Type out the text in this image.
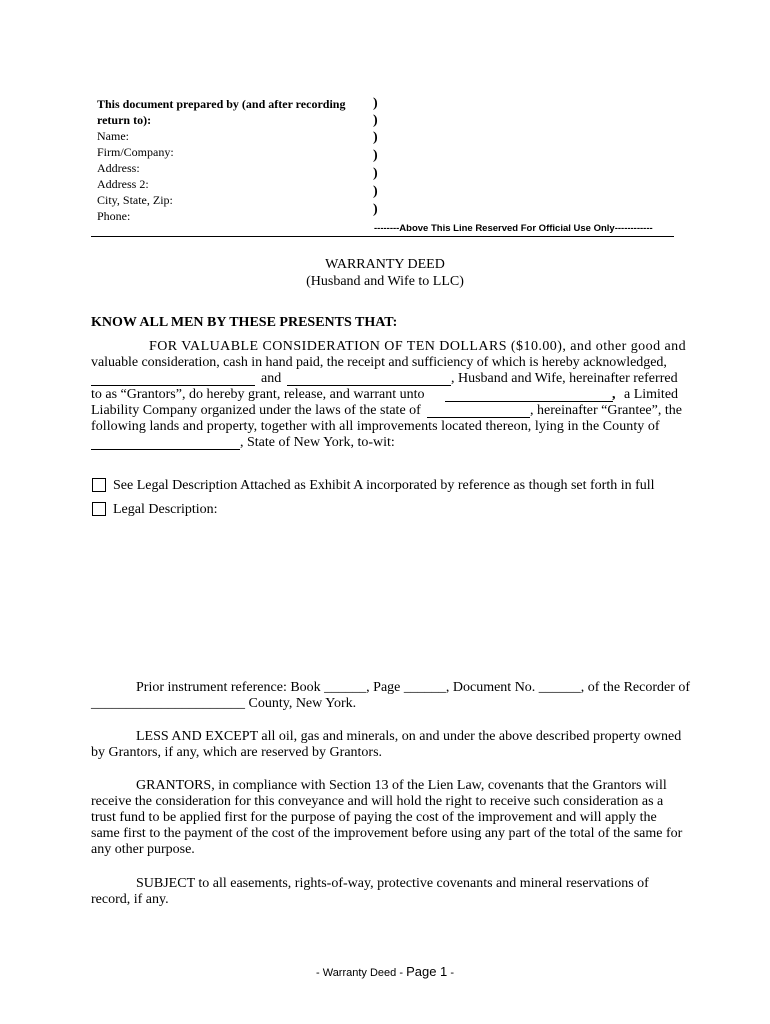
This document prepared by (and after recording
return to):
Name:
Firm/Company:
Address:
Address 2:
City, State, Zip:
Phone:
)
)
)
)
)
)
)
--------Above This Line Reserved For Official Use Only------------
WARRANTY DEED
(Husband and Wife to LLC)
KNOW ALL MEN BY THESE PRESENTS THAT:
FOR VALUABLE CONSIDERATION OF TEN DOLLARS ($10.00), and other good and
valuable consideration, cash in hand paid, the receipt and sufficiency of which is hereby acknowledged,
and	, Husband and Wife, hereinafter referred
to as “Grantors”, do hereby grant, release, and warrant unto	, a Limited
Liability Company organized under the laws of the state of	, hereinafter “Grantee”, the
following lands and property, together with all improvements located thereon, lying in the County of
, State of New York, to-wit:
See Legal Description Attached as Exhibit A incorporated by reference as though set forth in full
Legal Description:
Prior instrument reference: Book ______, Page ______, Document No. ______, of the Recorder of
______________________ County, New York.
LESS AND EXCEPT all oil, gas and minerals, on and under the above described property owned
by Grantors, if any, which are reserved by Grantors.
GRANTORS, in compliance with Section 13 of the Lien Law, covenants that the Grantors will
receive the consideration for this conveyance and will hold the right to receive such consideration as a
trust fund to be applied first for the purpose of paying the cost of the improvement and will apply the
same first to the payment of the cost of the improvement before using any part of the total of the same for
any other purpose.
SUBJECT to all easements, rights-of-way, protective covenants and mineral reservations of
record, if any.
- Warranty Deed - Page 1 -
